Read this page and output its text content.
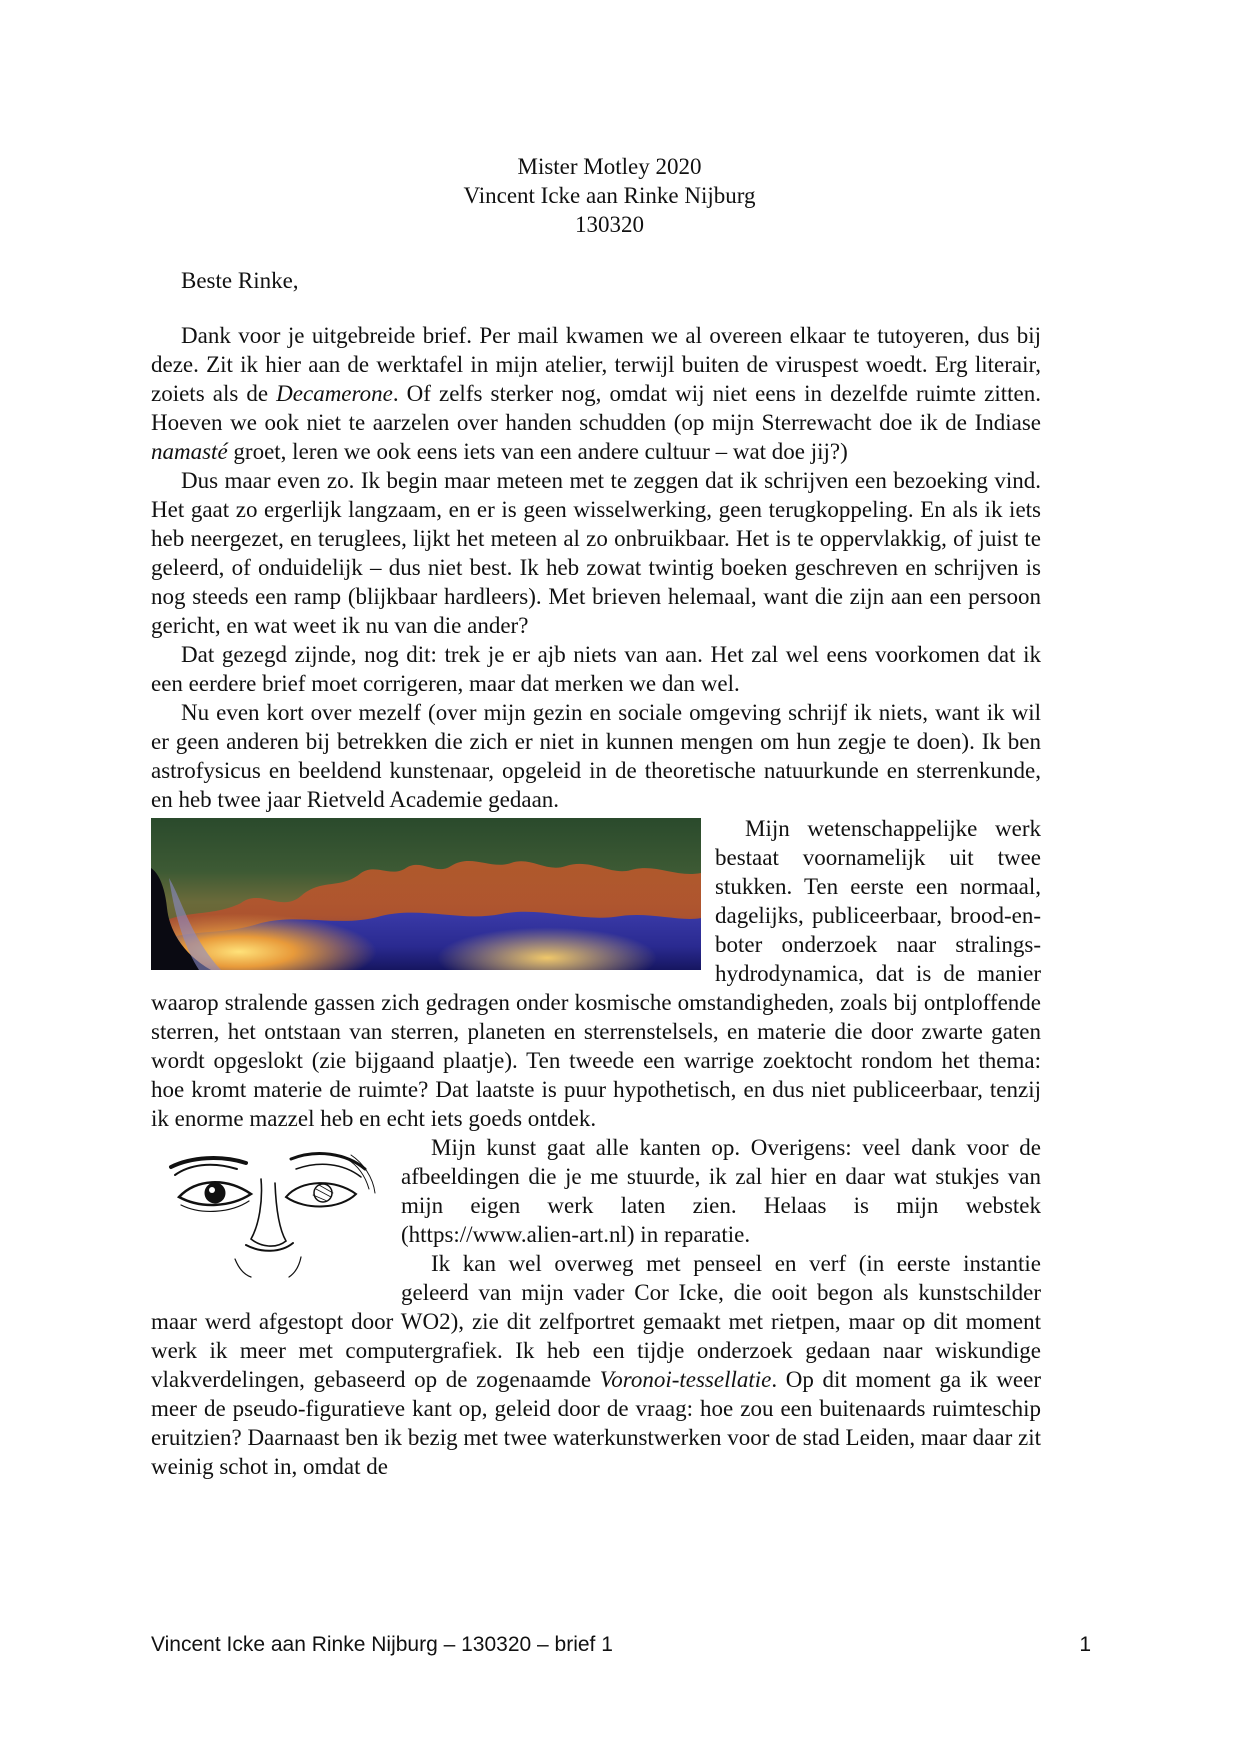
Mister Motley 2020
Vincent Icke aan Rinke Nijburg
130320
Beste Rinke,

Dank voor je uitgebreide brief. Per mail kwamen we al overeen elkaar te tutoyeren, dus bij deze. Zit ik hier aan de werktafel in mijn atelier, terwijl buiten de viruspest woedt. Erg literair, zoiets als de Decamerone. Of zelfs sterker nog, omdat wij niet eens in dezelfde ruimte zitten. Hoeven we ook niet te aarzelen over handen schudden (op mijn Sterrewacht doe ik de Indiase namasté groet, leren we ook eens iets van een andere cultuur – wat doe jij?)

Dus maar even zo. Ik begin maar meteen met te zeggen dat ik schrijven een bezoeking vind. Het gaat zo ergerlijk langzaam, en er is geen wisselwerking, geen terugkoppeling. En als ik iets heb neergezet, en teruglees, lijkt het meteen al zo onbruikbaar. Het is te oppervlakkig, of juist te geleerd, of onduidelijk – dus niet best. Ik heb zowat twintig boeken geschreven en schrijven is nog steeds een ramp (blijkbaar hardleers). Met brieven helemaal, want die zijn aan een persoon gericht, en wat weet ik nu van die ander?

Dat gezegd zijnde, nog dit: trek je er ajb niets van aan. Het zal wel eens voorkomen dat ik een eerdere brief moet corrigeren, maar dat merken we dan wel.

Nu even kort over mezelf (over mijn gezin en sociale omgeving schrijf ik niets, want ik wil er geen anderen bij betrekken die zich er niet in kunnen mengen om hun zegje te doen). Ik ben astrofysicus en beeldend kunstenaar, opgeleid in de theoretische natuurkunde en sterrenkunde, en heb twee jaar Rietveld Academie gedaan.

Mijn wetenschappelijke werk bestaat voornamelijk uit twee stukken. Ten eerste een normaal, dagelijks, publiceerbaar, brood-en-boter onderzoek naar stralings-hydrodynamica, dat is de manier waarop stralende gassen zich gedragen onder kosmische omstandigheden, zoals bij ontploffende sterren, het ontstaan van sterren, planeten en sterrenstelsels, en materie die door zwarte gaten wordt opgeslokt (zie bijgaand plaatje). Ten tweede een warrige zoektocht rondom het thema: hoe kromt materie de ruimte? Dat laatste is puur hypothetisch, en dus niet publiceerbaar, tenzij ik enorme mazzel heb en echt iets goeds ontdek.

Mijn kunst gaat alle kanten op. Overigens: veel dank voor de afbeeldingen die je me stuurde, ik zal hier en daar wat stukjes van mijn eigen werk laten zien. Helaas is mijn webstek (https://www.alien-art.nl) in reparatie.

Ik kan wel overweg met penseel en verf (in eerste instantie geleerd van mijn vader Cor Icke, die ooit begon als kunstschilder maar werd afgestopt door WO2), zie dit zelfportret gemaakt met rietpen, maar op dit moment werk ik meer met computergrafiek. Ik heb een tijdje onderzoek gedaan naar wiskundige vlakverdelingen, gebaseerd op de zogenaamde Voronoi-tessellatie. Op dit moment ga ik weer meer de pseudo-figuratieve kant op, geleid door de vraag: hoe zou een buitenaards ruimteschip eruitzien? Daarnaast ben ik bezig met twee waterkunstwerken voor de stad Leiden, maar daar zit weinig schot in, omdat de

Vincent Icke aan Rinke Nijburg – 130320 – brief 1	1
